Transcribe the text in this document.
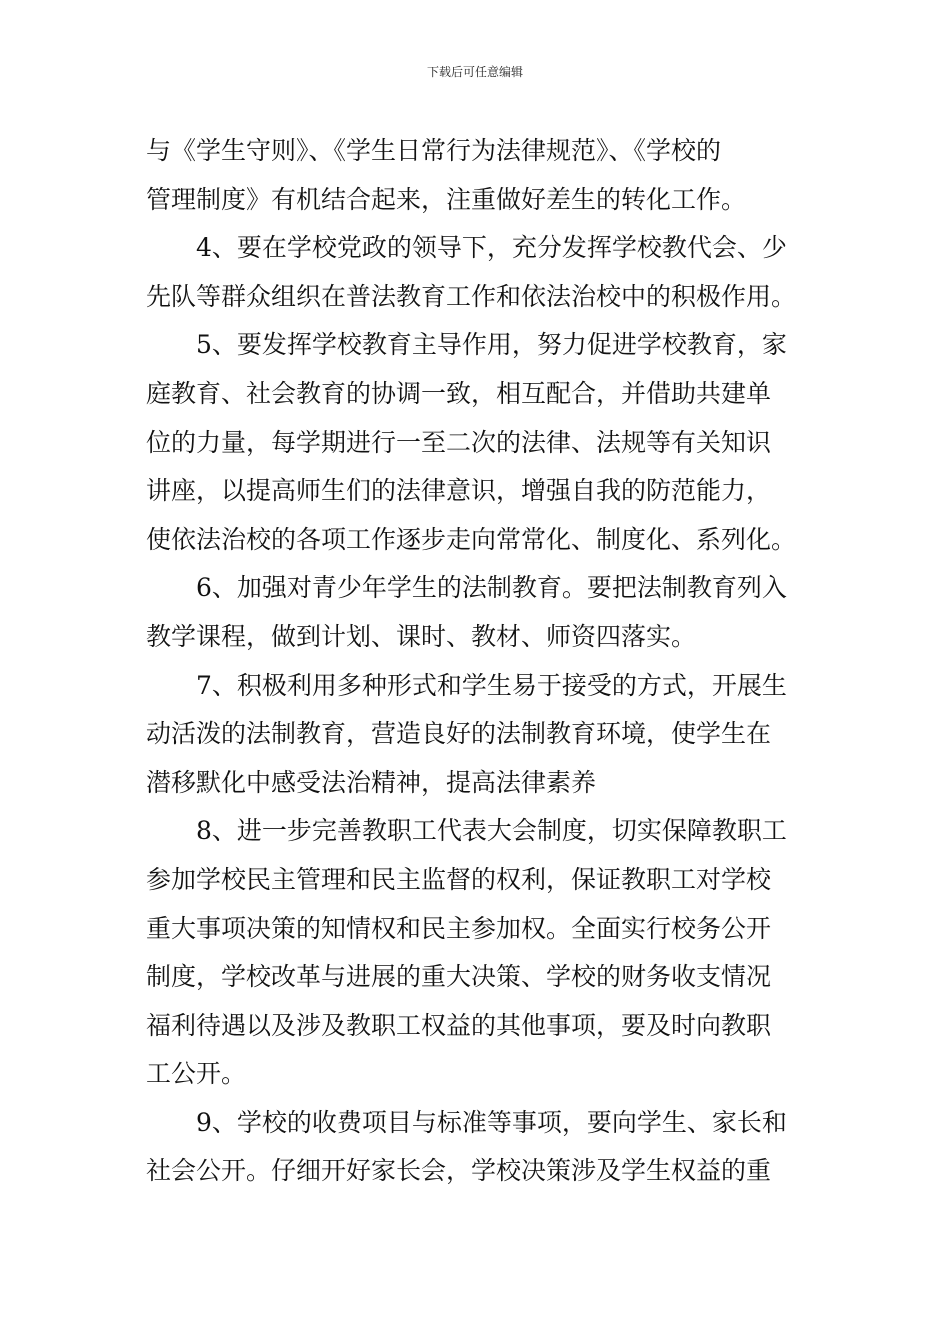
下载后可任意编辑
与《学生守则》、《学生日常行为法律规范》、《学校的
管理制度》有机结合起来，注重做好差生的转化工作。
4、要在学校党政的领导下，充分发挥学校教代会、少
先队等群众组织在普法教育工作和依法治校中的积极作用。
5、要发挥学校教育主导作用，努力促进学校教育，家
庭教育、社会教育的协调一致，相互配合，并借助共建单
位的力量，每学期进行一至二次的法律、法规等有关知识
讲座，以提高师生们的法律意识，增强自我的防范能力，
使依法治校的各项工作逐步走向常常化、制度化、系列化。
6、加强对青少年学生的法制教育。要把法制教育列入
教学课程，做到计划、课时、教材、师资四落实。
7、积极利用多种形式和学生易于接受的方式，开展生
动活泼的法制教育，营造良好的法制教育环境，使学生在
潜移默化中感受法治精神，提高法律素养
8、进一步完善教职工代表大会制度，切实保障教职工
参加学校民主管理和民主监督的权利，保证教职工对学校
重大事项决策的知情权和民主参加权。全面实行校务公开
制度，学校改革与进展的重大决策、学校的财务收支情况
福利待遇以及涉及教职工权益的其他事项，要及时向教职
工公开。
9、学校的收费项目与标准等事项，要向学生、家长和
社会公开。仔细开好家长会，学校决策涉及学生权益的重
